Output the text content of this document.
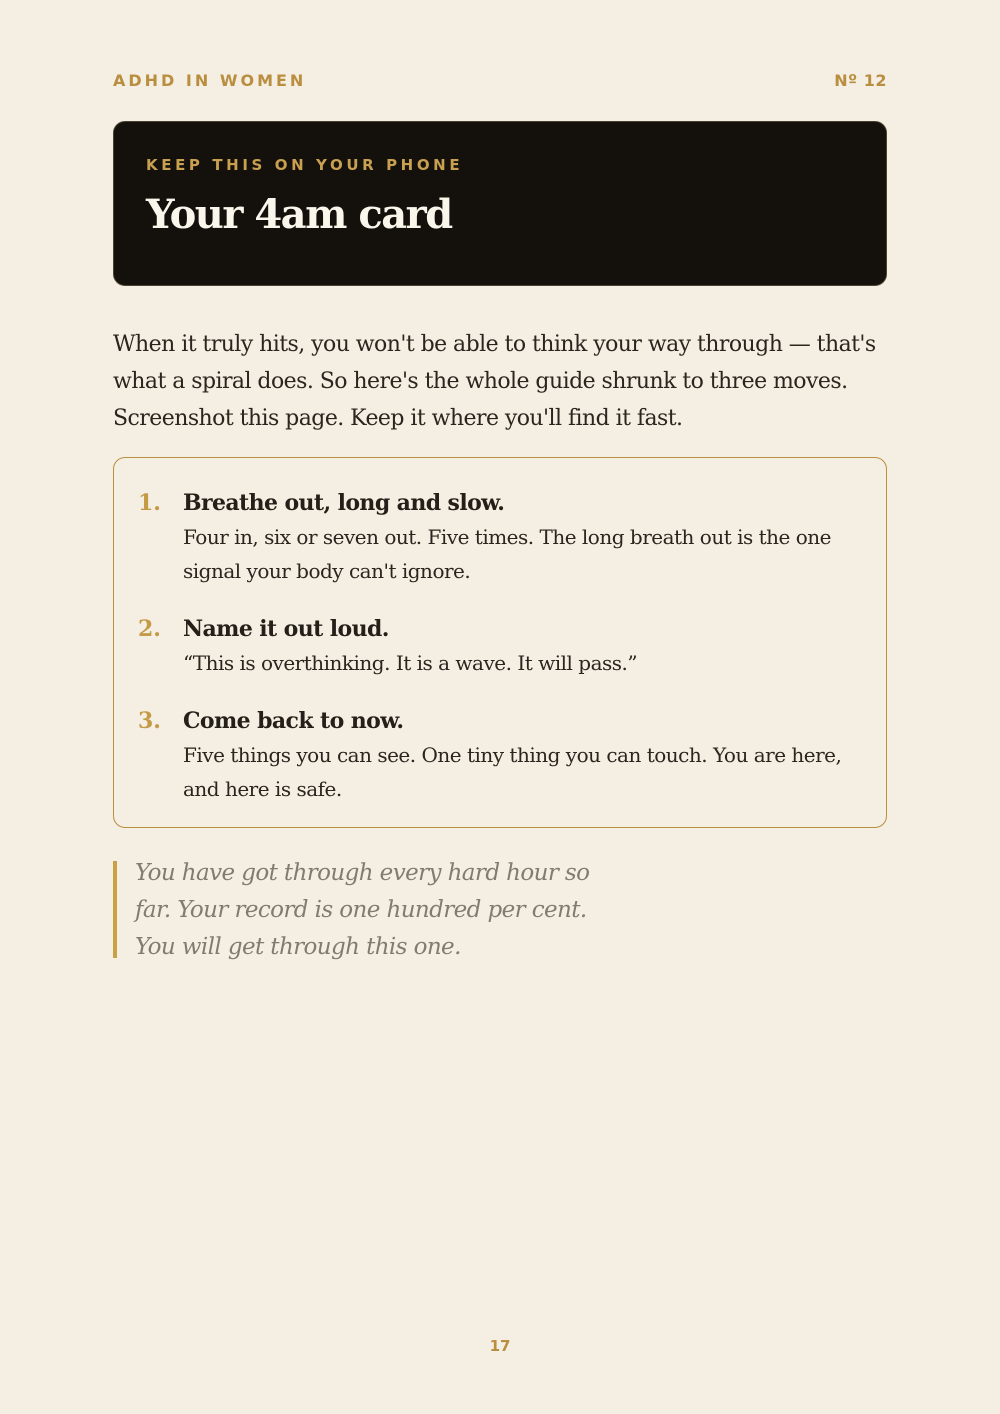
ADHD IN WOMEN	Nº 12
KEEP THIS ON YOUR PHONE
Your 4am card
When it truly hits, you won't be able to think your way through — that's what a spiral does. So here's the whole guide shrunk to three moves. Screenshot this page. Keep it where you'll find it fast.
1.	Breathe out, long and slow.
Four in, six or seven out. Five times. The long breath out is the one signal your body can't ignore.
2.	Name it out loud.
“This is overthinking. It is a wave. It will pass.”
3.	Come back to now.
Five things you can see. One tiny thing you can touch. You are here, and here is safe.
You have got through every hard hour so far. Your record is one hundred per cent. You will get through this one.
17
